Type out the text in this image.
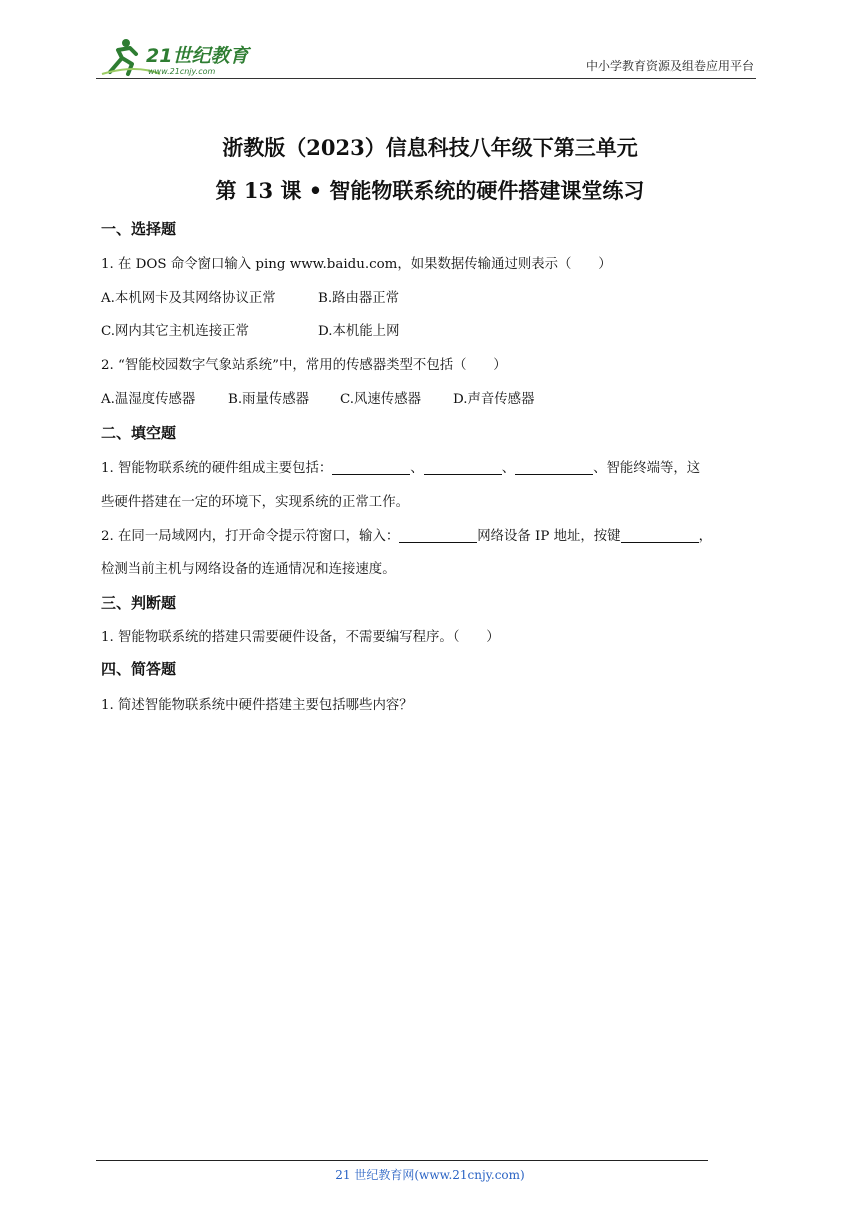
21世纪教育
www.21cnjy.com	中小学教育资源及组卷应用平台
浙教版（2023）信息科技八年级下第三单元
第 13 课 • 智能物联系统的硬件搭建课堂练习
一、选择题
1. 在 DOS 命令窗口输入 ping www.baidu.com，如果数据传输通过则表示（　　）
A.本机网卡及其网络协议正常	B.路由器正常
C.网内其它主机连接正常	D.本机能上网
2. “智能校园数字气象站系统”中，常用的传感器类型不包括（　　）
A.温湿度传感器 B.雨量传感器 C.风速传感器 D.声音传感器
二、填空题
1. 智能物联系统的硬件组成主要包括：	、	、	、智能终端等，这
些硬件搭建在一定的环境下，实现系统的正常工作。
2. 在同一局域网内，打开命令提示符窗口，输入：	网络设备 IP 地址，按键	，
检测当前主机与网络设备的连通情况和连接速度。
三、判断题
1. 智能物联系统的搭建只需要硬件设备，不需要编写程序。（　　）
四、简答题
1. 简述智能物联系统中硬件搭建主要包括哪些内容？
21 世纪教育网(www.21cnjy.com)
